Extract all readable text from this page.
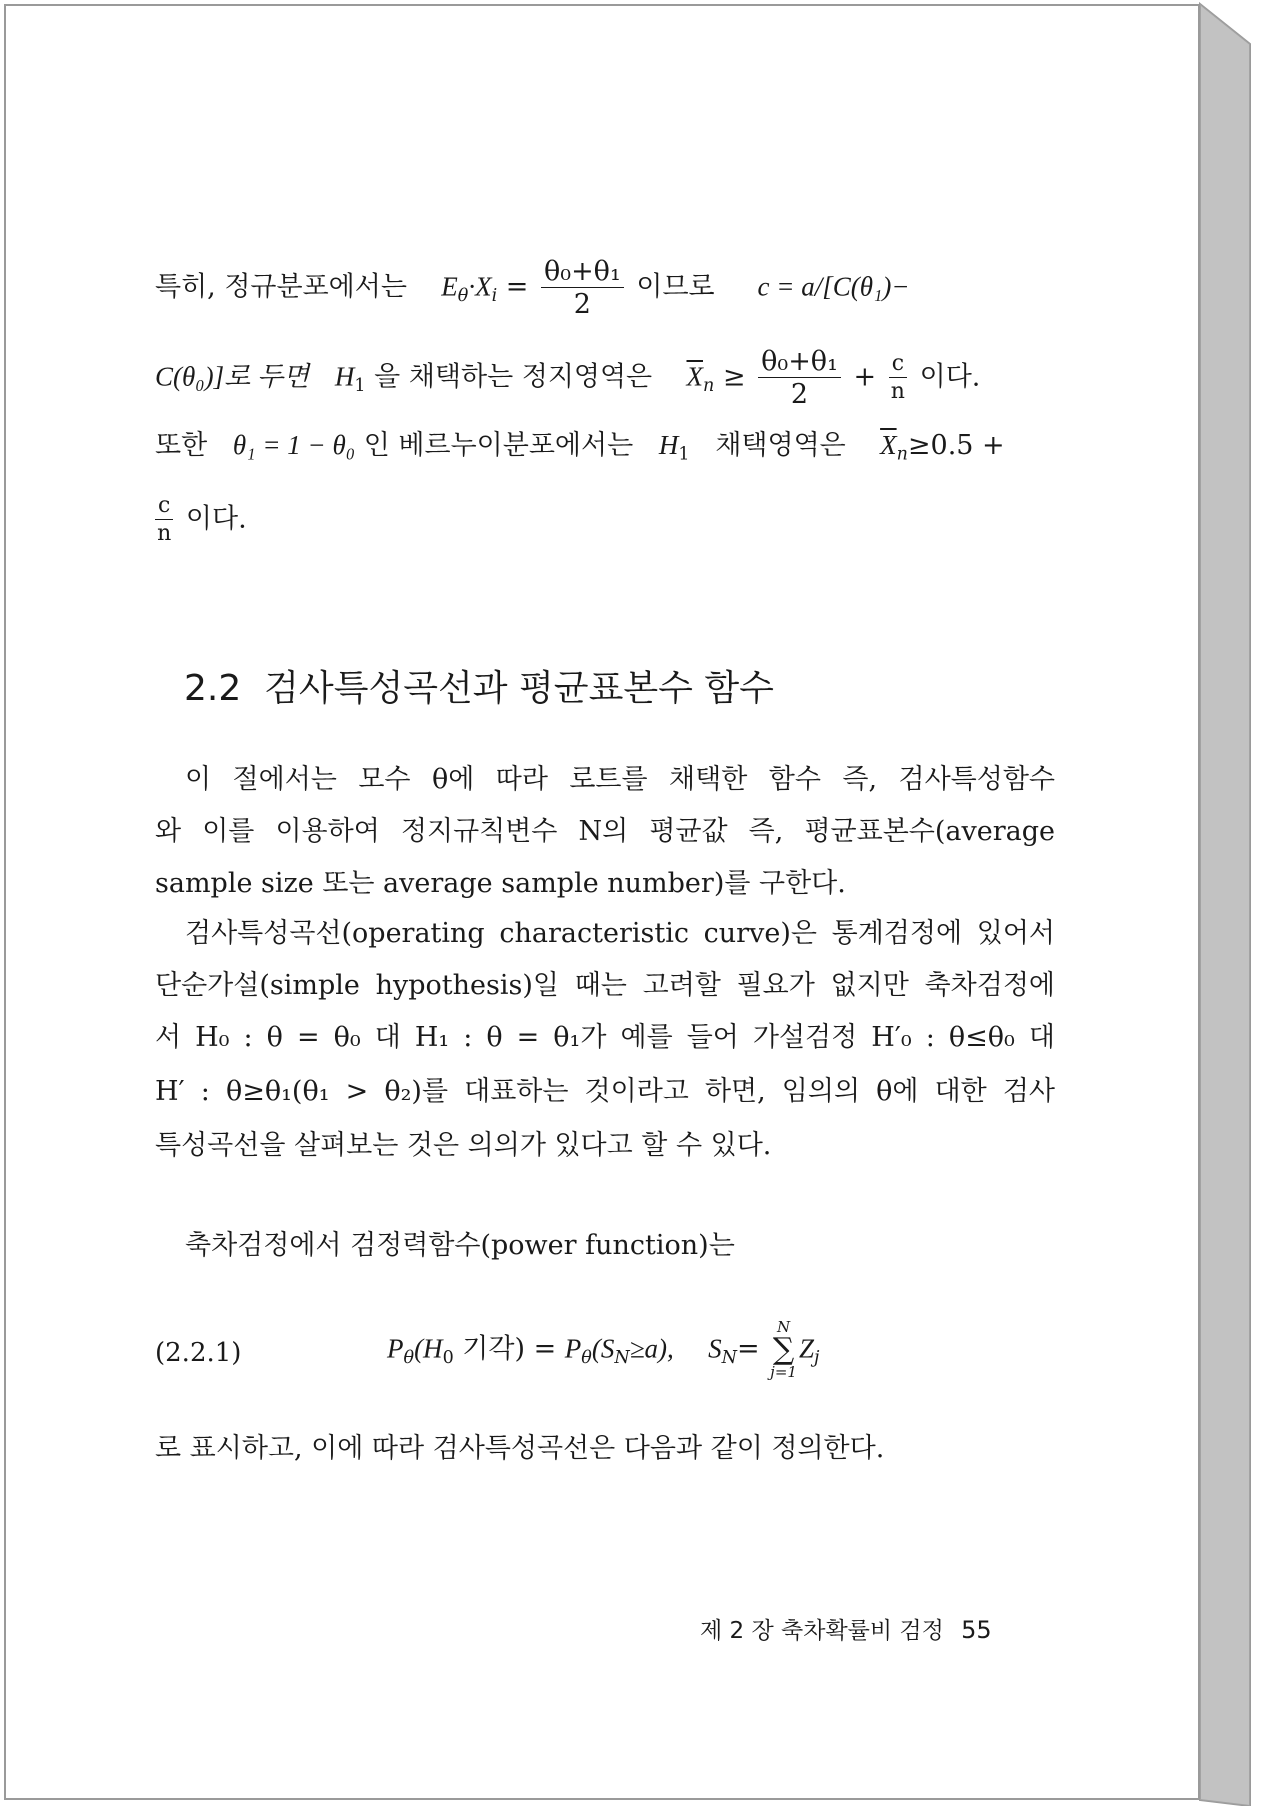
특히, 정규분포에서는 $E\theta\cdot Xi = \frac{\text{θ₀+θ₁}}{2}$ 이므로 c = a/[C(θ₁)−
C(θ₀)]로 두면 $H_1$ 을 채택하는 정지영역은 $\overline{X}n \ge \frac{\text{θ₀+θ₁}}{2} + \frac{c}{n}$ 이다.
또한 θ₁ = 1 − θ₀ 인 베르누이분포에서는 $H_1$ 채택영역은 $\overline{X}n\ge 0.5$ +
$\frac{c}{n}$ 이다.
이 절에서는 모수 θ에 따라 로트를 채택한 함수 즉, 검사특성함수
와 이를 이용하여 정지규칙변수 N의 평균값 즉, 평균표본수(average
sample size 또는 average sample number)를 구한다.
검사특성곡선(operating characteristic curve)은 통계검정에 있어서
단순가설(simple hypothesis)일 때는 고려할 필요가 없지만 축차검정에
서 H₀ : θ = θ₀ 대 H₁ : θ = θ₁가 예를 들어 가설검정 H′₀ : θ≤θ₀ 대
H′ : θ≥θ₁(θ₁ > θ₂)를 대표하는 것이라고 하면, 임의의 θ에 대한 검사
특성곡선을 살펴보는 것은 의의가 있다고 할 수 있다.
축차검정에서 검정력함수(power function)는
(2.2.1)	$P\theta(H_0$ 기각) = Pθ(SN≥a), SN=
N
∑
j=1
Zj
로 표시하고, 이에 따라 검사특성곡선은 다음과 같이 정의한다.
2.2 검사특성곡선과 평균표본수 함수
제 2 장 축차확률비 검정 55
